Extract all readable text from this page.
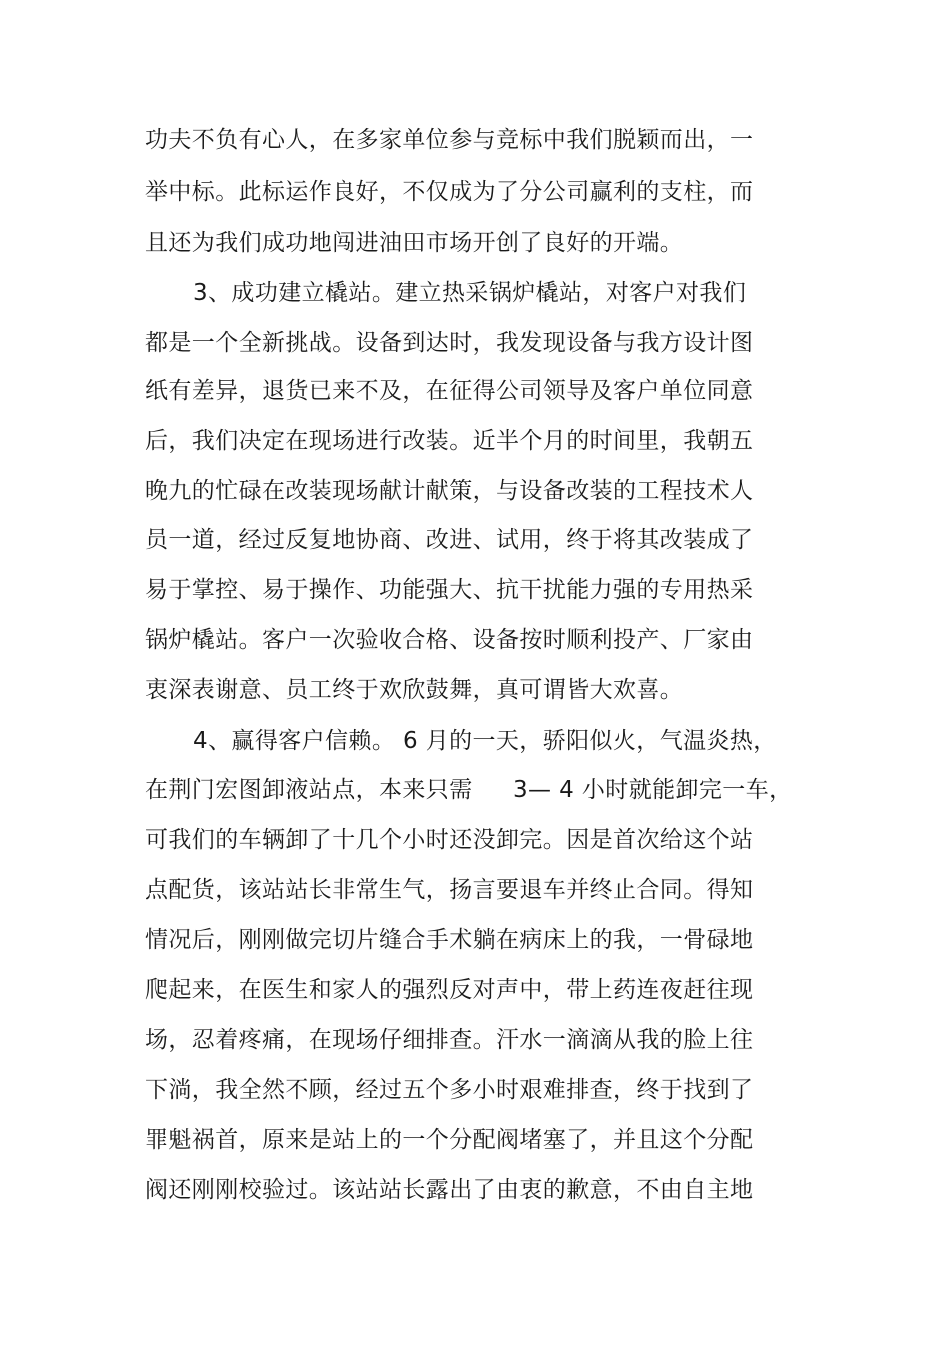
功夫不负有心人，在多家单位参与竞标中我们脱颖而出，一
举中标。此标运作良好，不仅成为了分公司赢利的支柱，而
且还为我们成功地闯进油田市场开创了良好的开端。
3、成功建立橇站。建立热采锅炉橇站，对客户对我们
都是一个全新挑战。设备到达时，我发现设备与我方设计图
纸有差异，退货已来不及，在征得公司领导及客户单位同意
后，我们决定在现场进行改装。近半个月的时间里，我朝五
晚九的忙碌在改装现场献计献策，与设备改装的工程技术人
员一道，经过反复地协商、改进、试用，终于将其改装成了
易于掌控、易于操作、功能强大、抗干扰能力强的专用热采
锅炉橇站。客户一次验收合格、设备按时顺利投产、厂家由
衷深表谢意、员工终于欢欣鼓舞，真可谓皆大欢喜。
4、赢得客户信赖。 6 月的一天，骄阳似火，气温炎热，
在荆门宏图卸液站点，本来只需	3— 4 小时就能卸完一车，
可我们的车辆卸了十几个小时还没卸完。因是首次给这个站
点配货，该站站长非常生气，扬言要退车并终止合同。得知
情况后，刚刚做完切片缝合手术躺在病床上的我，一骨碌地
爬起来，在医生和家人的强烈反对声中，带上药连夜赶往现
场，忍着疼痛，在现场仔细排查。汗水一滴滴从我的脸上往
下淌，我全然不顾，经过五个多小时艰难排查，终于找到了
罪魁祸首，原来是站上的一个分配阀堵塞了，并且这个分配
阀还刚刚校验过。该站站长露出了由衷的歉意，不由自主地
